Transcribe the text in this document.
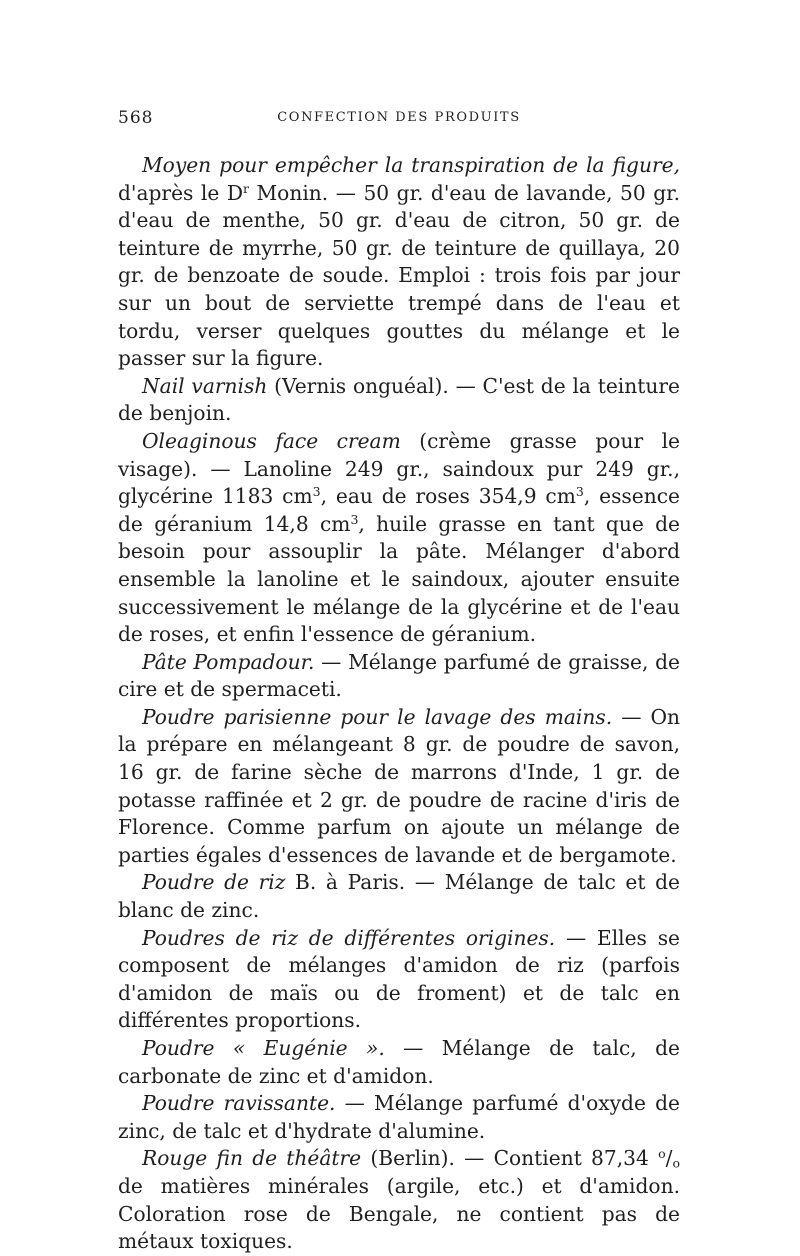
568	CONFECTION DES PRODUITS

Moyen pour empêcher la transpiration de la figure, d'après le $D^r$ Monin. — 50 gr. d'eau de lavande, 50 gr. d'eau de menthe, 50 gr. d'eau de citron, 50 gr. de teinture de myrrhe, 50 gr. de teinture de quillaya, 20 gr. de benzoate de soude. Emploi : trois fois par jour sur un bout de serviette trempé dans de l'eau et tordu, verser quelques gouttes du mélange et le passer sur la figure.

Nail varnish (Vernis onguéal). — C'est de la teinture de benjoin.

Oleaginous face cream (crème grasse pour le visage). — Lanoline 249 gr., saindoux pur 249 gr., glycérine 1183 $cm^3$, eau de roses 354,9 $cm^3$, essence de géranium 14,8 $cm^3$, huile grasse en tant que de besoin pour assouplir la pâte. Mélanger d'abord ensemble la lanoline et le saindoux, ajouter ensuite successivement le mélange de la glycérine et de l'eau de roses, et enfin l'essence de géranium.

Pâte Pompadour. — Mélange parfumé de graisse, de cire et de spermaceti.

Poudre parisienne pour le lavage des mains. — On la prépare en mélangeant 8 gr. de poudre de savon, 16 gr. de farine sèche de marrons d'Inde, 1 gr. de potasse raffinée et 2 gr. de poudre de racine d'iris de Florence. Comme parfum on ajoute un mélange de parties égales d'essences de lavande et de bergamote.

Poudre de riz B. à Paris. — Mélange de talc et de blanc de zinc.

Poudres de riz de différentes origines. — Elles se composent de mélanges d'amidon de riz (parfois d'amidon de maïs ou de froment) et de talc en différentes proportions.

Poudre « Eugénie ». — Mélange de talc, de carbonate de zinc et d'amidon.

Poudre ravissante. — Mélange parfumé d'oxyde de zinc, de talc et d'hydrate d'alumine.

Rouge fin de théâtre (Berlin). — Contient 87,34 $^o/_o$ de matières minérales (argile, etc.) et d'amidon. Coloration rose de Bengale, ne contient pas de métaux toxiques.
